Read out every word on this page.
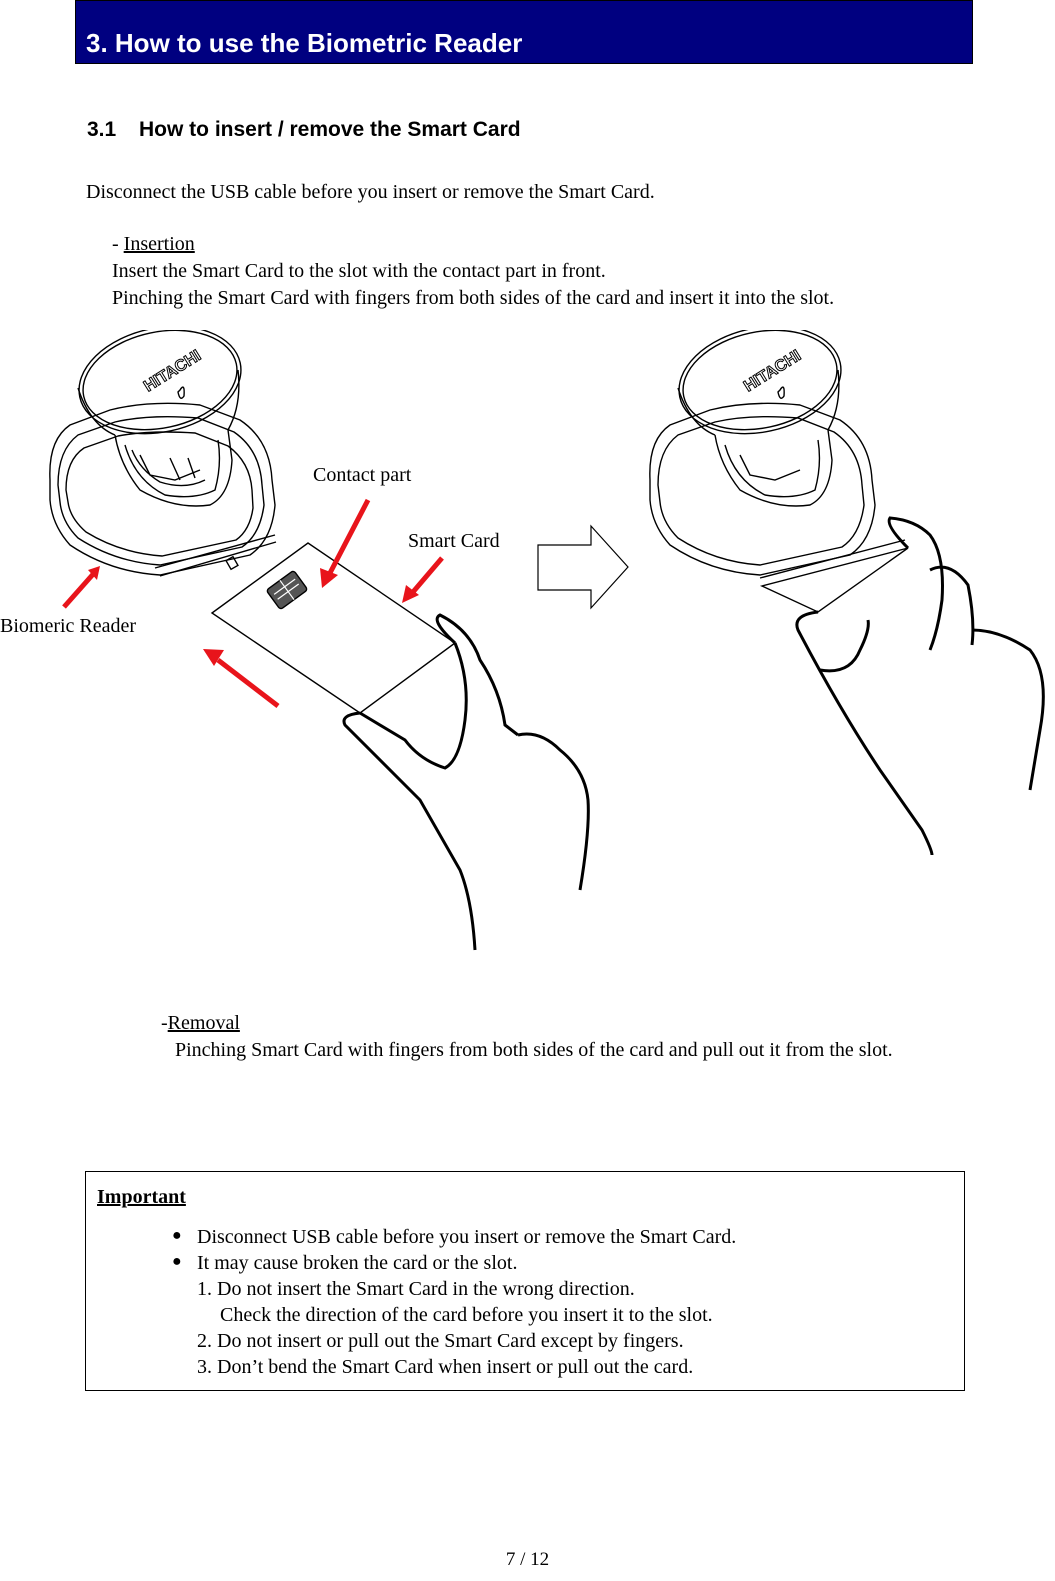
3. How to use the Biometric Reader
3.1 How to insert / remove the Smart Card
Disconnect the USB cable before you insert or remove the Smart Card.
- Insertion
Insert the Smart Card to the slot with the contact part in front.
Pinching the Smart Card with fingers from both sides of the card and insert it into the slot.
HITACHI	HITACHI
Contact part
Smart Card
Biomeric Reader
-Removal
Pinching Smart Card with fingers from both sides of the card and pull out it from the slot.
Important
● Disconnect USB cable before you insert or remove the Smart Card.
● It may cause broken the card or the slot.
1. Do not insert the Smart Card in the wrong direction.
Check the direction of the card before you insert it to the slot.
2. Do not insert or pull out the Smart Card except by fingers.
3. Don’t bend the Smart Card when insert or pull out the card.
7 / 12
